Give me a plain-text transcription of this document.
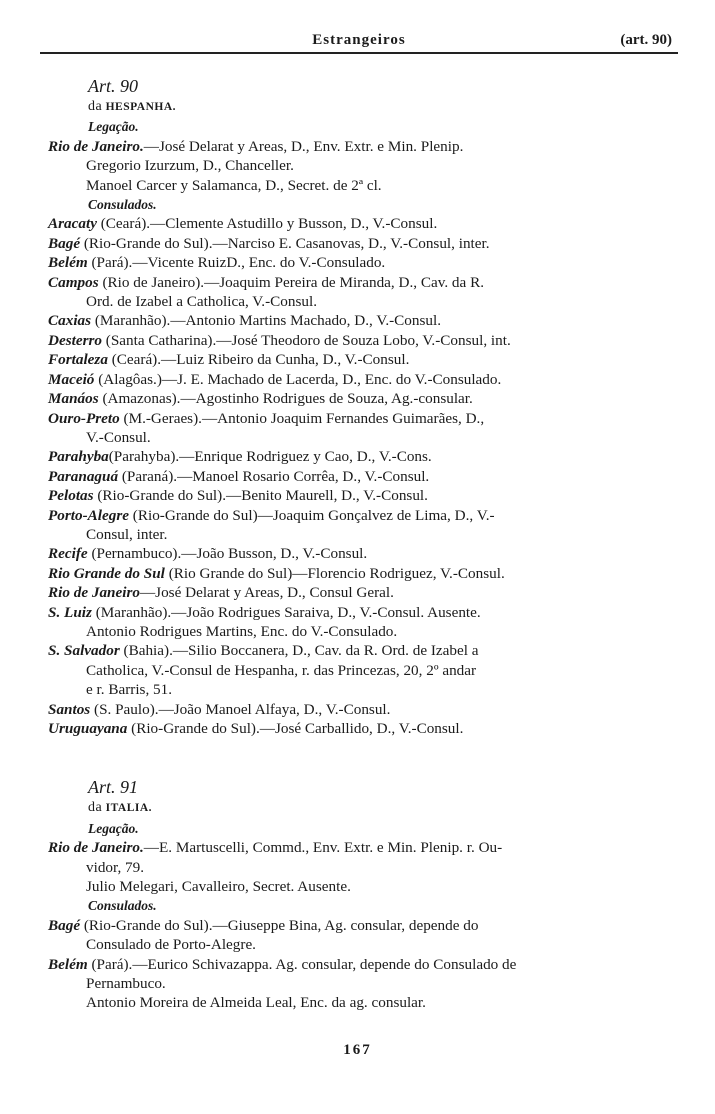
Estrangeiros	(art. 90)
Art. 90
da HESPANHA.
Legação.
Rio de Janeiro.—José Delarat y Areas, D., Env. Extr. e Min. Plenip.
Gregorio Izurzum, D., Chanceller.
Manoel Carcer y Salamanca, D., Secret. de 2ª cl.
Consulados.
Aracaty (Ceará).—Clemente Astudillo y Busson, D., V.-Consul.
Bagé (Rio-Grande do Sul).—Narciso E. Casanovas, D., V.-Consul, inter.
Belém (Pará).—Vicente RuizD., Enc. do V.-Consulado.
Campos (Rio de Janeiro).—Joaquim Pereira de Miranda, D., Cav. da R.
Ord. de Izabel a Catholica, V.-Consul.
Caxias (Maranhão).—Antonio Martins Machado, D., V.-Consul.
Desterro (Santa Catharina).—José Theodoro de Souza Lobo, V.-Consul, int.
Fortaleza (Ceará).—Luiz Ribeiro da Cunha, D., V.-Consul.
Maceió (Alagôas.)—J. E. Machado de Lacerda, D., Enc. do V.-Consulado.
Manáos (Amazonas).—Agostinho Rodrigues de Souza, Ag.-consular.
Ouro-Preto (M.-Geraes).—Antonio Joaquim Fernandes Guimarães, D.,
V.-Consul.
Parahyba(Parahyba).—Enrique Rodriguez y Cao, D., V.-Cons.
Paranaguá (Paraná).—Manoel Rosario Corrêa, D., V.-Consul.
Pelotas (Rio-Grande do Sul).—Benito Maurell, D., V.-Consul.
Porto-Alegre (Rio-Grande do Sul)—Joaquim Gonçalvez de Lima, D., V.-
Consul, inter.
Recife (Pernambuco).—João Busson, D., V.-Consul.
Rio Grande do Sul (Rio Grande do Sul)—Florencio Rodriguez, V.-Consul.
Rio de Janeiro—José Delarat y Areas, D., Consul Geral.
S. Luiz (Maranhão).—João Rodrigues Saraiva, D., V.-Consul. Ausente.
Antonio Rodrigues Martins, Enc. do V.-Consulado.
S. Salvador (Bahia).—Silio Boccanera, D., Cav. da R. Ord. de Izabel a
Catholica, V.-Consul de Hespanha, r. das Princezas, 20, 2º andar
e r. Barris, 51.
Santos (S. Paulo).—João Manoel Alfaya, D., V.-Consul.
Uruguayana (Rio-Grande do Sul).—José Carballido, D., V.-Consul.
Art. 91
da ITALIA.
Legação.
Rio de Janeiro.—E. Martuscelli, Commd., Env. Extr. e Min. Plenip. r. Ou-
vidor, 79.
Julio Melegari, Cavalleiro, Secret. Ausente.
Consulados.
Bagé (Rio-Grande do Sul).—Giuseppe Bina, Ag. consular, depende do
Consulado de Porto-Alegre.
Belém (Pará).—Eurico Schivazappa. Ag. consular, depende do Consulado de
Pernambuco.
Antonio Moreira de Almeida Leal, Enc. da ag. consular.
167
